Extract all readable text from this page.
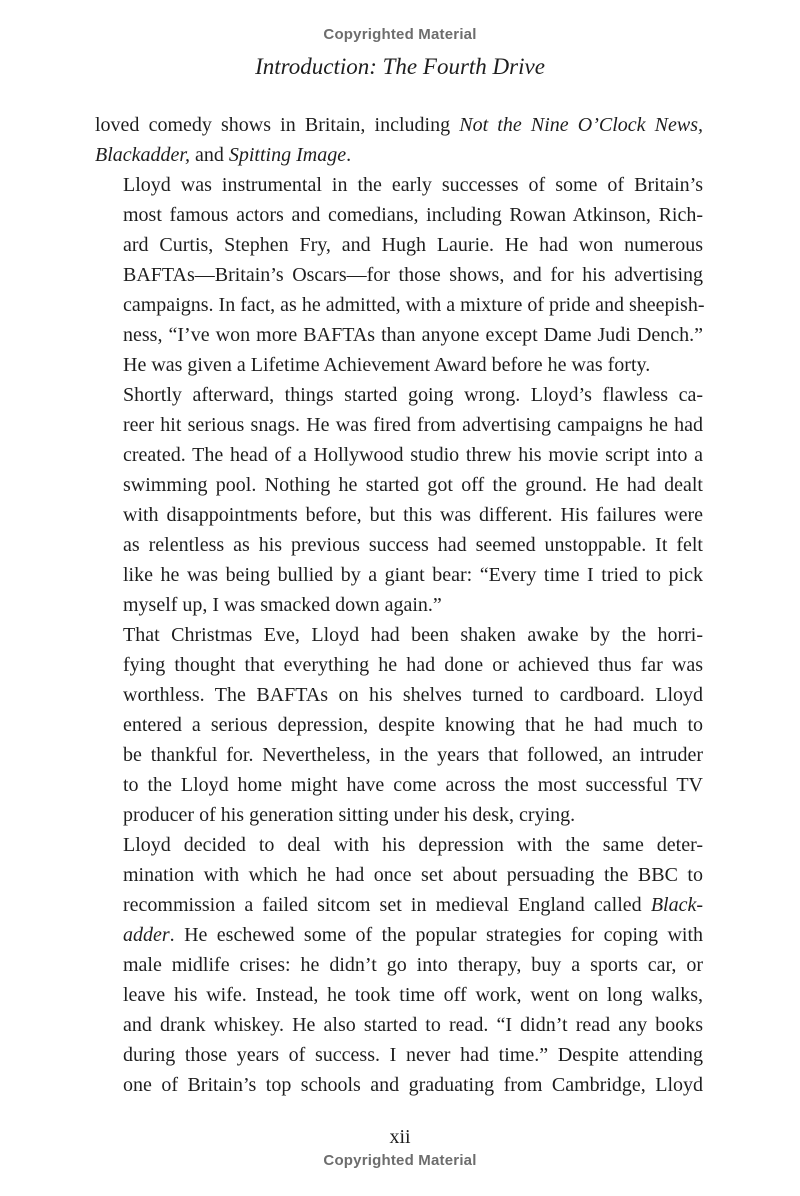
Copyrighted Material
Introduction: The Fourth Drive

loved comedy shows in Britain, including Not the Nine O’Clock News,
Blackadder, and Spitting Image.

Lloyd was instrumental in the early successes of some of Britain’s
most famous actors and comedians, including Rowan Atkinson, Rich-
ard Curtis, Stephen Fry, and Hugh Laurie. He had won numerous
BAFTAs—Britain’s Oscars—for those shows, and for his advertising
campaigns. In fact, as he admitted, with a mixture of pride and sheepish-
ness, “I’ve won more BAFTAs than anyone except Dame Judi Dench.”
He was given a Lifetime Achievement Award before he was forty.

Shortly afterward, things started going wrong. Lloyd’s flawless ca-
reer hit serious snags. He was fired from advertising campaigns he had
created. The head of a Hollywood studio threw his movie script into a
swimming pool. Nothing he started got off the ground. He had dealt
with disappointments before, but this was different. His failures were
as relentless as his previous success had seemed unstoppable. It felt
like he was being bullied by a giant bear: “Every time I tried to pick
myself up, I was smacked down again.”

That Christmas Eve, Lloyd had been shaken awake by the horri-
fying thought that everything he had done or achieved thus far was
worthless. The BAFTAs on his shelves turned to cardboard. Lloyd
entered a serious depression, despite knowing that he had much to
be thankful for. Nevertheless, in the years that followed, an intruder
to the Lloyd home might have come across the most successful TV
producer of his generation sitting under his desk, crying.

Lloyd decided to deal with his depression with the same deter-
mination with which he had once set about persuading the BBC to
recommission a failed sitcom set in medieval England called Black-
adder. He eschewed some of the popular strategies for coping with
male midlife crises: he didn’t go into therapy, buy a sports car, or
leave his wife. Instead, he took time off work, went on long walks,
and drank whiskey. He also started to read. “I didn’t read any books
during those years of success. I never had time.” Despite attending
one of Britain’s top schools and graduating from Cambridge, Lloyd

xii
Copyrighted Material
